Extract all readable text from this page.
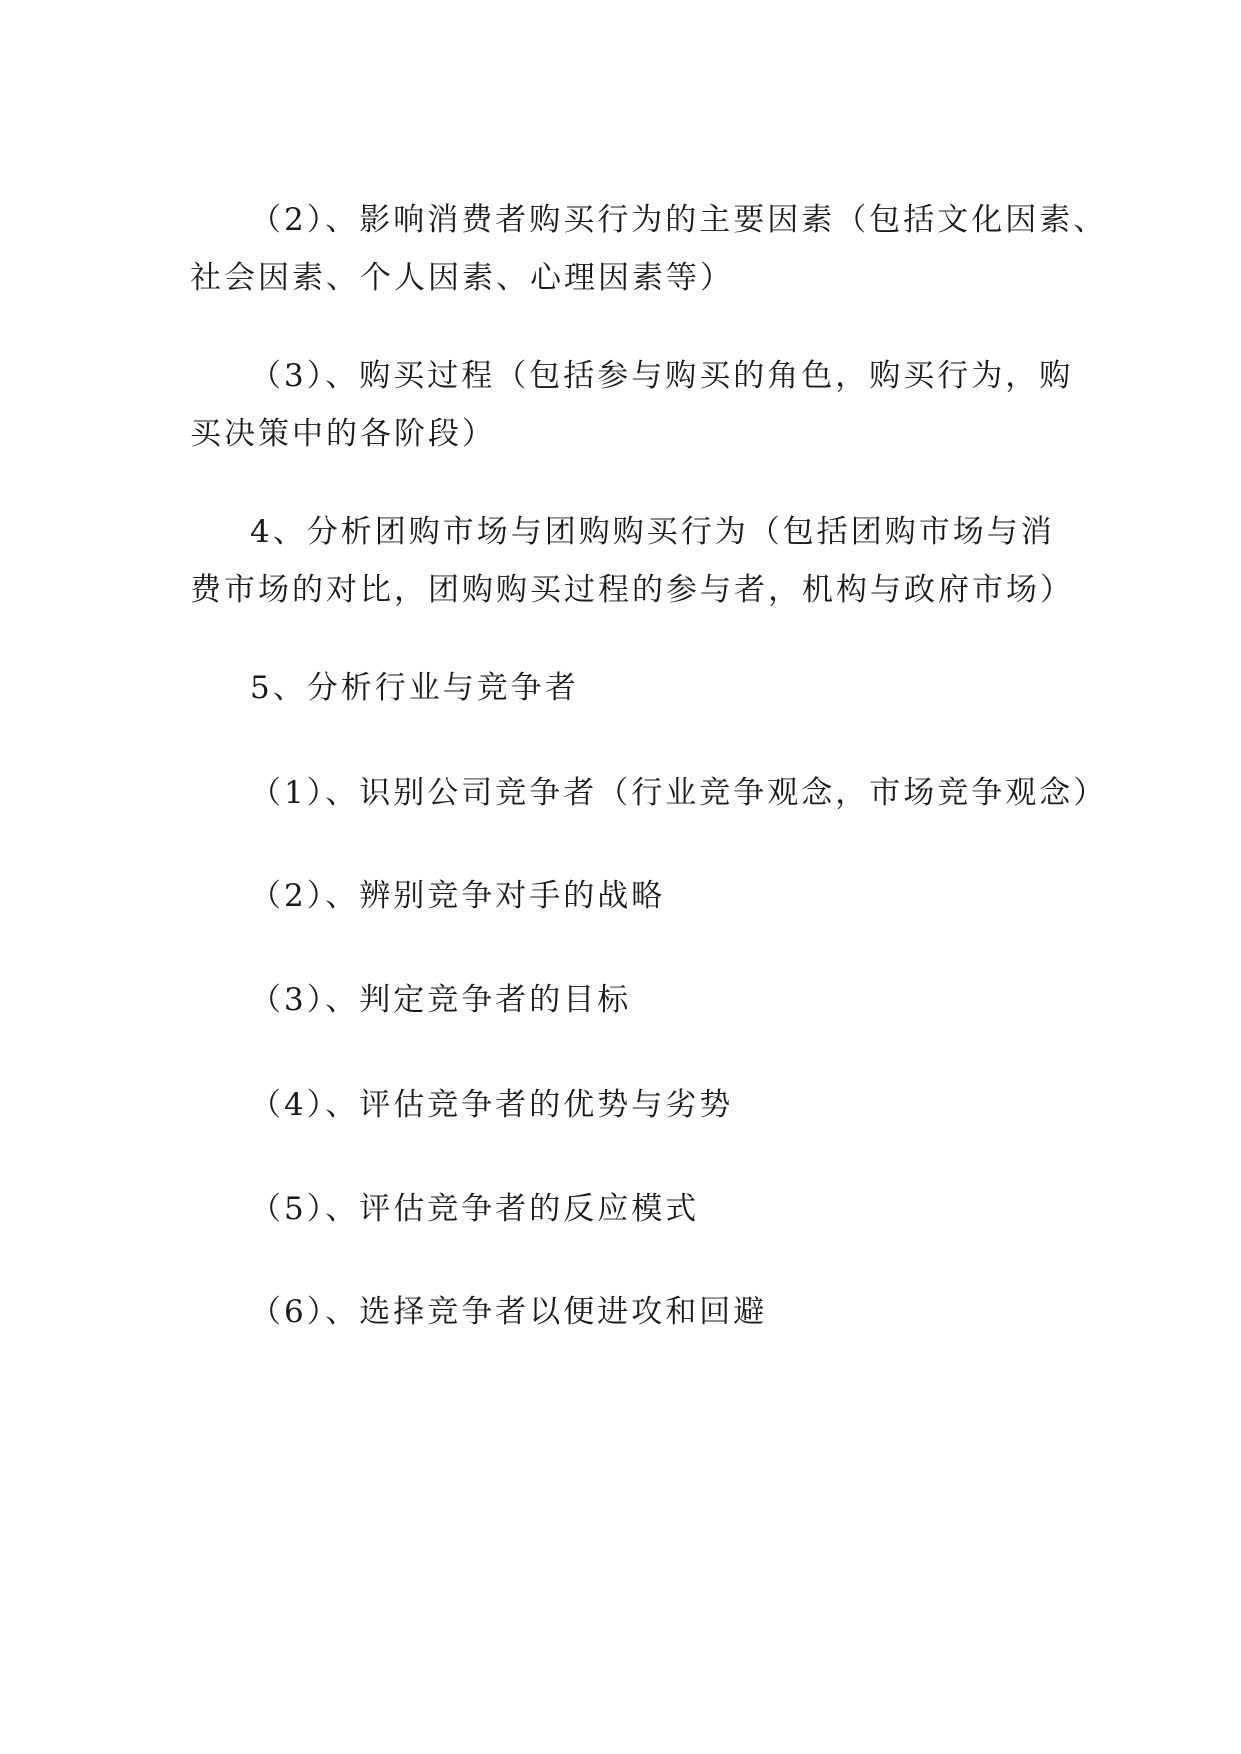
（2）、影响消费者购买行为的主要因素（包括文化因素、
社会因素、个人因素、心理因素等）

（3）、购买过程（包括参与购买的角色，购买行为，购
买决策中的各阶段）

4、分析团购市场与团购购买行为（包括团购市场与消
费市场的对比，团购购买过程的参与者，机构与政府市场）

5、分析行业与竞争者

（1）、识别公司竞争者（行业竞争观念，市场竞争观念）

（2）、辨别竞争对手的战略

（3）、判定竞争者的目标

（4）、评估竞争者的优势与劣势

（5）、评估竞争者的反应模式

（6）、选择竞争者以便进攻和回避
